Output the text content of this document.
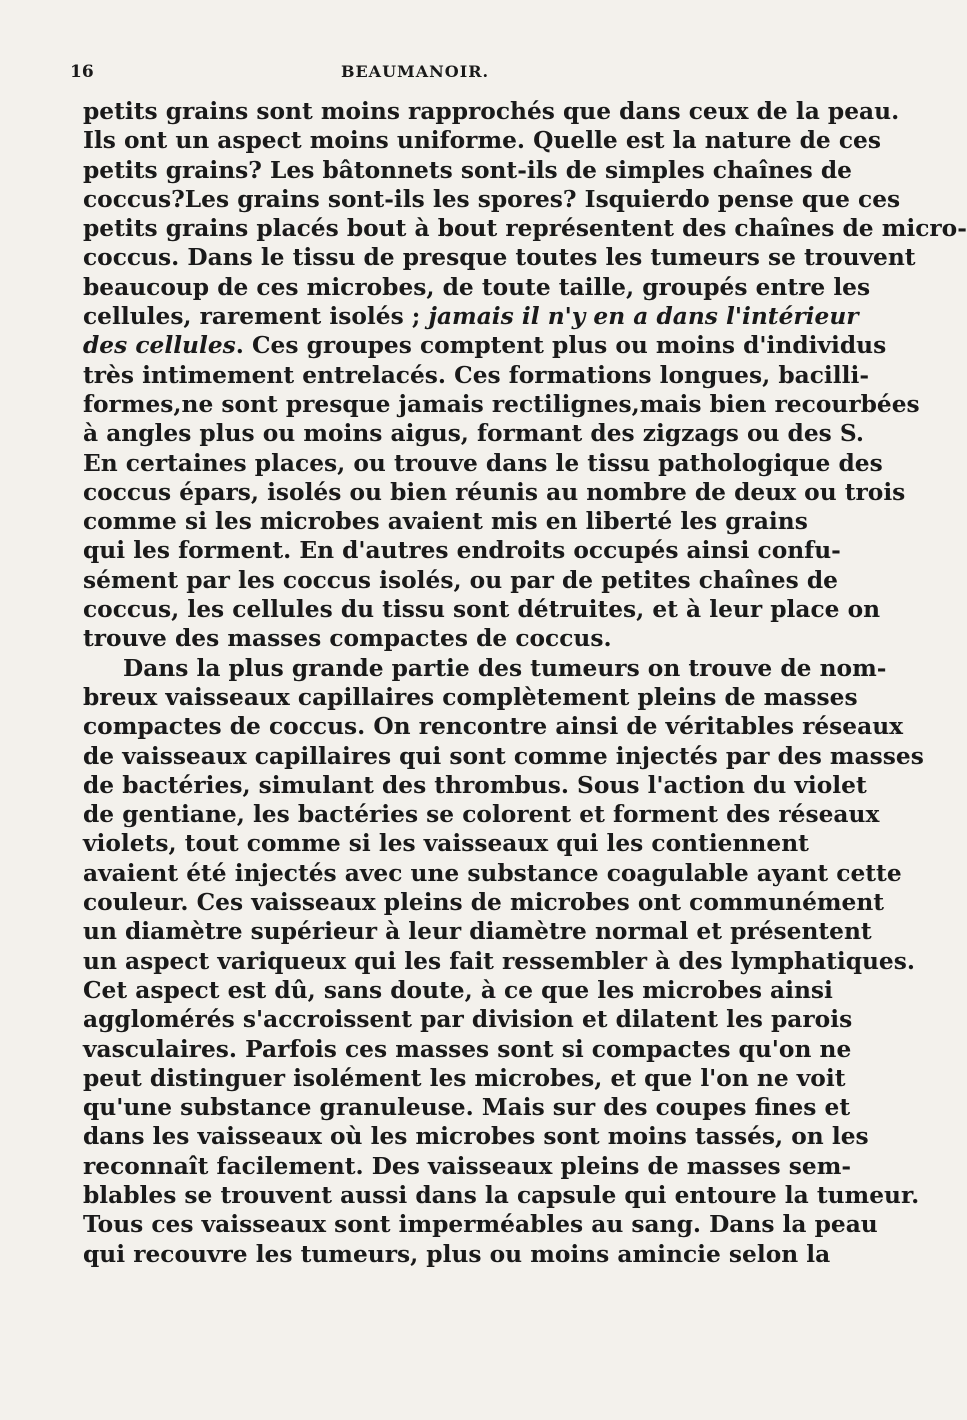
16	BEAUMANOIR.
petits grains sont moins rapprochés que dans ceux de la peau.
Ils ont un aspect moins uniforme. Quelle est la nature de ces
petits grains? Les bâtonnets sont-ils de simples chaînes de
coccus?Les grains sont-ils les spores? Isquierdo pense que ces
petits grains placés bout à bout représentent des chaînes de micro-
coccus. Dans le tissu de presque toutes les tumeurs se trouvent
beaucoup de ces microbes, de toute taille, groupés entre les
cellules, rarement isolés ; jamais il n'y en a dans l'intérieur
des cellules. Ces groupes comptent plus ou moins d'individus
très intimement entrelacés. Ces formations longues, bacilli-
formes,ne sont presque jamais rectilignes,mais bien recourbées
à angles plus ou moins aigus, formant des zigzags ou des S.
En certaines places, ou trouve dans le tissu pathologique des
coccus épars, isolés ou bien réunis au nombre de deux ou trois
comme si les microbes avaient mis en liberté les grains
qui les forment. En d'autres endroits occupés ainsi confu-
sément par les coccus isolés, ou par de petites chaînes de
coccus, les cellules du tissu sont détruites, et à leur place on
trouve des masses compactes de coccus.
Dans la plus grande partie des tumeurs on trouve de nom-
breux vaisseaux capillaires complètement pleins de masses
compactes de coccus. On rencontre ainsi de véritables réseaux
de vaisseaux capillaires qui sont comme injectés par des masses
de bactéries, simulant des thrombus. Sous l'action du violet
de gentiane, les bactéries se colorent et forment des réseaux
violets, tout comme si les vaisseaux qui les contiennent
avaient été injectés avec une substance coagulable ayant cette
couleur. Ces vaisseaux pleins de microbes ont communément
un diamètre supérieur à leur diamètre normal et présentent
un aspect variqueux qui les fait ressembler à des lymphatiques.
Cet aspect est dû, sans doute, à ce que les microbes ainsi
agglomérés s'accroissent par division et dilatent les parois
vasculaires. Parfois ces masses sont si compactes qu'on ne
peut distinguer isolément les microbes, et que l'on ne voit
qu'une substance granuleuse. Mais sur des coupes fines et
dans les vaisseaux où les microbes sont moins tassés, on les
reconnaît facilement. Des vaisseaux pleins de masses sem-
blables se trouvent aussi dans la capsule qui entoure la tumeur.
Tous ces vaisseaux sont imperméables au sang. Dans la peau
qui recouvre les tumeurs, plus ou moins amincie selon la
